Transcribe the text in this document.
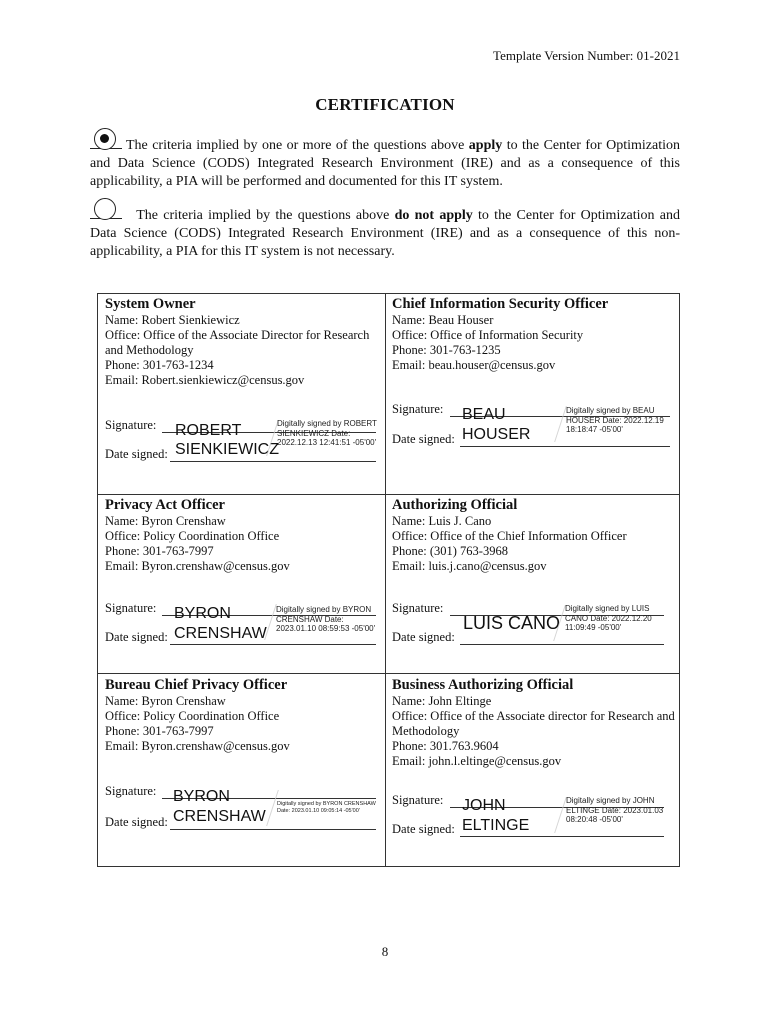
Template Version Number: 01-2021
CERTIFICATION
The criteria implied by one or more of the questions above apply to the Center for Optimization and Data Science (CODS) Integrated Research Environment (IRE) and as a consequence of this applicability, a PIA will be performed and documented for this IT system.
The criteria implied by the questions above do not apply to the Center for Optimization and Data Science (CODS) Integrated Research Environment (IRE) and as a consequence of this non-applicability, a PIA for this IT system is not necessary.
System Owner
Name: Robert Sienkiewicz
Office: Office of the Associate Director for Research and Methodology
Phone: 301-763-1234
Email: Robert.sienkiewicz@census.gov
Signature:
Date signed:
ROBERT
SIENKIEWICZ
Digitally signed by ROBERT SIENKIEWICZ Date: 2022.12.13 12:41:51 -05'00'
Chief Information Security Officer
Name: Beau Houser
Office: Office of Information Security
Phone: 301-763-1235
Email: beau.houser@census.gov
Signature:
Date signed:
BEAU
HOUSER
Digitally signed by BEAU HOUSER Date: 2022.12.19 18:18:47 -05'00'
Privacy Act Officer
Name: Byron Crenshaw
Office: Policy Coordination Office
Phone: 301-763-7997
Email: Byron.crenshaw@census.gov
Signature:
Date signed:
BYRON
CRENSHAW
Digitally signed by BYRON CRENSHAW Date: 2023.01.10 08:59:53 -05'00'
Authorizing Official
Name: Luis J. Cano
Office: Office of the Chief Information Officer
Phone: (301) 763-3968
Email: luis.j.cano@census.gov
Signature:
Date signed:
LUIS CANO
Digitally signed by LUIS CANO Date: 2022.12.20 11:09:49 -05'00'
Bureau Chief Privacy Officer
Name: Byron Crenshaw
Office: Policy Coordination Office
Phone: 301-763-7997
Email: Byron.crenshaw@census.gov
Signature:
Date signed:
BYRON
CRENSHAW
Digitally signed by BYRON CRENSHAW Date: 2023.01.10 09:05:14 -05'00'
Business Authorizing Official
Name: John Eltinge
Office: Office of the Associate director for Research and Methodology
Phone: 301.763.9604
Email: john.l.eltinge@census.gov
Signature:
Date signed:
JOHN
ELTINGE
Digitally signed by JOHN ELTINGE Date: 2023.01.03 08:20:48 -05'00'
8
